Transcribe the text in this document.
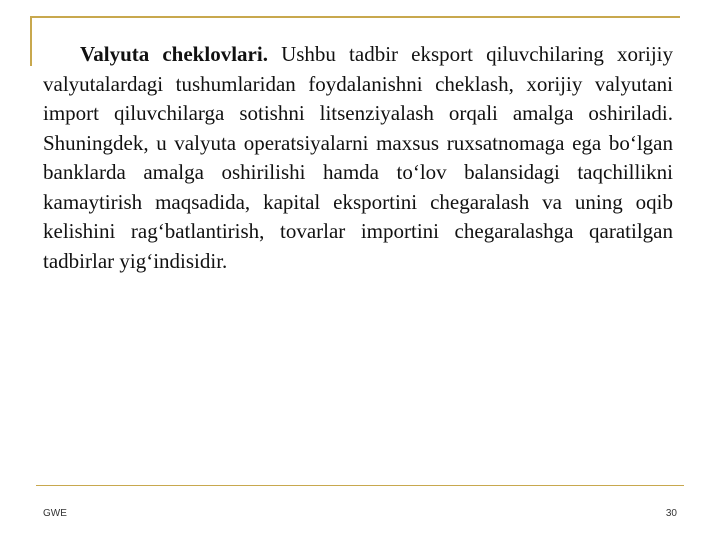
Valyuta cheklovlari. Ushbu tadbir eksport qiluvchilaring xorijiy valyutalardagi tushumlaridan foydalanishni cheklash, xorijiy valyutani import qiluvchilarga sotishni litsenziyalash orqali amalga oshiriladi. Shuningdek, u valyuta operatsiyalarni maxsus ruxsatnomaga ega bo‘lgan banklarda amalga oshirilishi hamda to‘lov balansidagi taqchillikni kamaytirish maqsadida, kapital eksportini chegaralash va uning oqib kelishini rag‘batlantirish, tovarlar importini chegaralashga qaratilgan tadbirlar yig‘indisidir.

GWE	30
